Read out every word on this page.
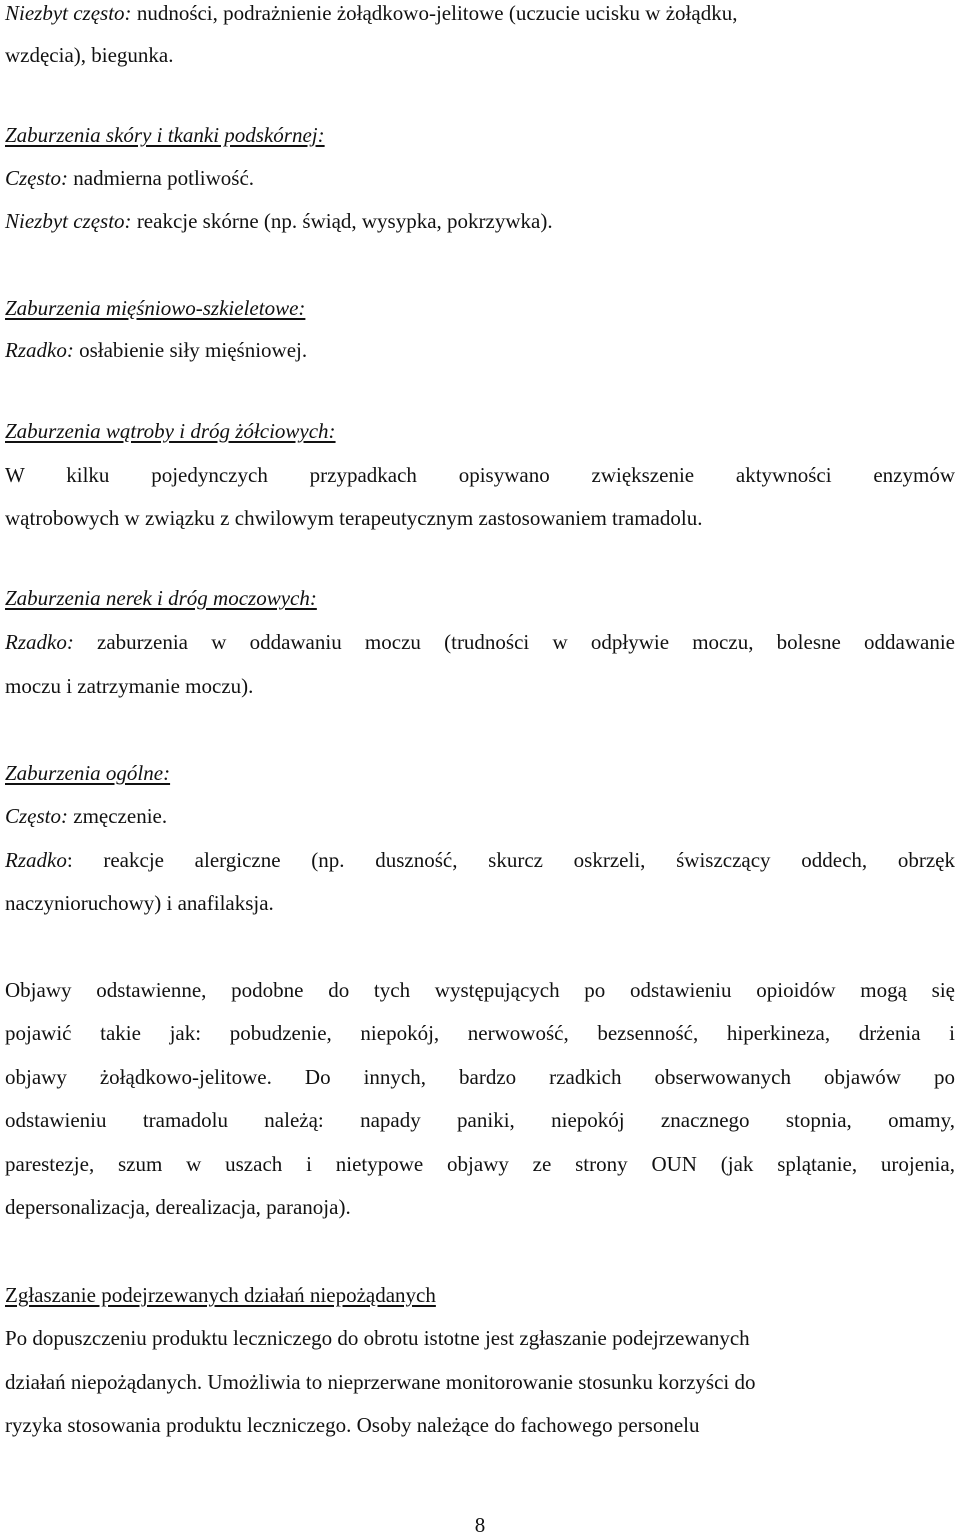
Niezbyt często: nudności, podrażnienie żołądkowo-jelitowe (uczucie ucisku w żołądku,
wzdęcia), biegunka.
Zaburzenia skóry i tkanki podskórnej:
Często: nadmierna potliwość.
Niezbyt często: reakcje skórne (np. świąd, wysypka, pokrzywka).
Zaburzenia mięśniowo-szkieletowe:
Rzadko: osłabienie siły mięśniowej.
Zaburzenia wątroby i dróg żółciowych:
W kilku pojedynczych przypadkach opisywano zwiększenie aktywności enzymów
wątrobowych w związku z chwilowym terapeutycznym zastosowaniem tramadolu.
Zaburzenia nerek i dróg moczowych:
Rzadko: zaburzenia w oddawaniu moczu (trudności w odpływie moczu, bolesne oddawanie
moczu i zatrzymanie moczu).
Zaburzenia ogólne:
Często: zmęczenie.
Rzadko: reakcje alergiczne (np. duszność, skurcz oskrzeli, świszczący oddech, obrzęk
naczynioruchowy) i anafilaksja.
Objawy odstawienne, podobne do tych występujących po odstawieniu opioidów mogą się
pojawić takie jak: pobudzenie, niepokój, nerwowość, bezsenność, hiperkineza, drżenia i
objawy żołądkowo-jelitowe. Do innych, bardzo rzadkich obserwowanych objawów po
odstawieniu tramadolu należą: napady paniki, niepokój znacznego stopnia, omamy,
parestezje, szum w uszach i nietypowe objawy ze strony OUN (jak splątanie, urojenia,
depersonalizacja, derealizacja, paranoja).
Zgłaszanie podejrzewanych działań niepożądanych
Po dopuszczeniu produktu leczniczego do obrotu istotne jest zgłaszanie podejrzewanych
działań niepożądanych. Umożliwia to nieprzerwane monitorowanie stosunku korzyści do
ryzyka stosowania produktu leczniczego. Osoby należące do fachowego personelu
8
